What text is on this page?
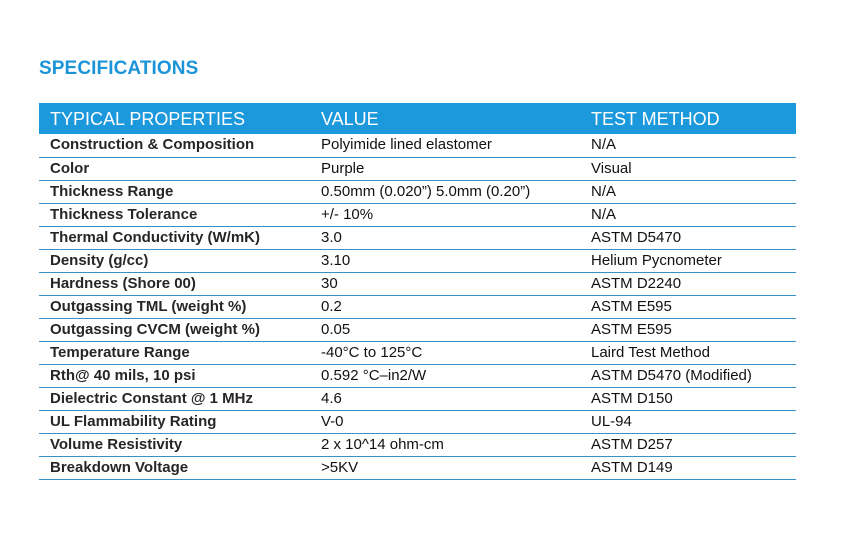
SPECIFICATIONS
TYPICAL PROPERTIES	VALUE	TEST METHOD
Construction & Composition	Polyimide lined elastomer	N/A
Color	Purple	Visual
Thickness Range	0.50mm (0.020”) 5.0mm (0.20”)	N/A
Thickness Tolerance	+/- 10%	N/A
Thermal Conductivity (W/mK)	3.0	ASTM D5470
Density (g/cc)	3.10	Helium Pycnometer
Hardness (Shore 00)	30	ASTM D2240
Outgassing TML (weight %)	0.2	ASTM E595
Outgassing CVCM (weight %)	0.05	ASTM E595
Temperature Range	-40°C to 125°C	Laird Test Method
Rth@ 40 mils, 10 psi	0.592 °C–in2/W	ASTM D5470 (Modified)
Dielectric Constant @ 1 MHz	4.6	ASTM D150
UL Flammability Rating	V-0	UL-94
Volume Resistivity	2 x 10^14 ohm-cm	ASTM D257
Breakdown Voltage	>5KV	ASTM D149
